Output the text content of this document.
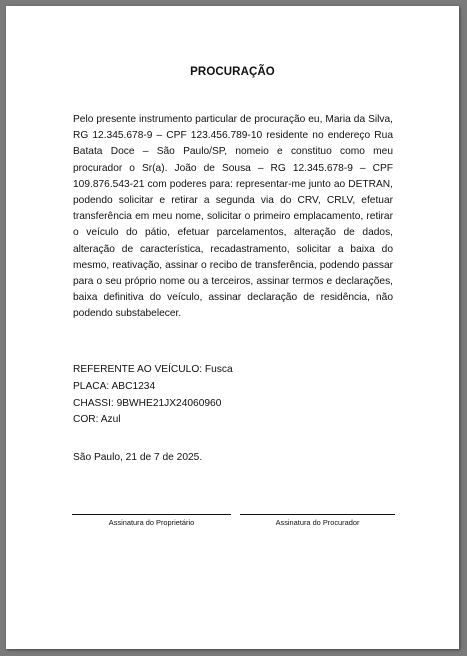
PROCURAÇÃO

Pelo presente instrumento particular de procuração eu, Maria da Silva, RG 12.345.678-9 – CPF 123.456.789-10 residente no endereço Rua Batata Doce – São Paulo/SP, nomeio e constituo como meu procurador o Sr(a). João de Sousa – RG 12.345.678-9 – CPF 109.876.543-21 com poderes para: representar-me junto ao DETRAN, podendo solicitar e retirar a segunda via do CRV, CRLV, efetuar transferência em meu nome, solicitar o primeiro emplacamento, retirar o veículo do pátio, efetuar parcelamentos, alteração de dados, alteração de característica, recadastramento, solicitar a baixa do mesmo, reativação, assinar o recibo de transferência, podendo passar para o seu próprio nome ou a terceiros, assinar termos e declarações, baixa definitiva do veículo, assinar declaração de residência, não podendo substabelecer.

REFERENTE AO VEÍCULO: Fusca
PLACA: ABC1234
CHASSI: 9BWHE21JX24060960
COR: Azul
São Paulo, 21 de 7 de 2025.
Assinatura do Proprietário	Assinatura do Procurador
